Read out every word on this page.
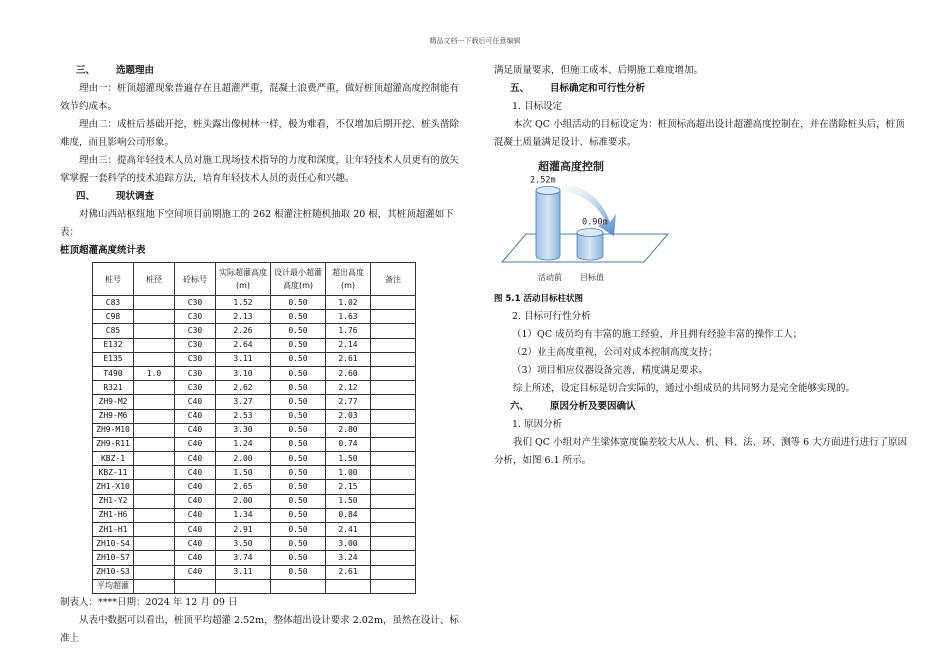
精品文档---下载后可任意编辑

三、 选题理由

理由一：桩顶超灌现象普遍存在且超灌严重，混凝土浪费严重，做好桩顶超灌高度控制能有效节约成本。

理由二：成桩后基础开挖，桩头露出像树林一样，极为难看，不仅增加后期开挖、桩头凿除难度，而且影响公司形象。

理由三：提高年轻技术人员对施工现场技术指导的力度和深度，让年轻技术人员更有的放矢掌掌握一套科学的技术追踪方法，培育年轻技术人员的责任心和兴趣。

四、 现状调查

对佛山西站枢纽地下空间项目前期施工的 262 根灌注桩随机抽取 20 根，其桩顶超灌如下表：

桩顶超灌高度统计表

桩号	桩径	砼标号	实际超灌高度(m)	设计最小超灌高度(m)	超出高度(m)	备注
C83		C30	1.52	0.50	1.02	
C98		C30	2.13	0.50	1.63	
C85		C30	2.26	0.50	1.76	
E132		C30	2.64	0.50	2.14	
E135		C30	3.11	0.50	2.61	
T490	1.0	C30	3.10	0.50	2.60	
R321		C30	2.62	0.50	2.12	
ZH9-M2		C40	3.27	0.50	2.77	
ZH9-M6		C40	2.53	0.50	2.03	
ZH9-M10		C40	3.30	0.50	2.80	
ZH9-R11		C40	1.24	0.50	0.74	
KBZ-1		C40	2.00	0.50	1.50	
KBZ-11		C40	1.50	0.50	1.00	
ZH1-X10		C40	2.65	0.50	2.15	
ZH1-Y2		C40	2.00	0.50	1.50	
ZH1-H6		C40	1.34	0.50	0.84	
ZH1-H1		C40	2.91	0.50	2.41	
ZH10-S4		C40	3.50	0.50	3.00	
ZH10-S7		C40	3.74	0.50	3.24	
ZH10-S3		C40	3.11	0.50	2.61	
平均超灌						

制表人：****日期：2024 年 12 月 09 日

从表中数据可以看出，桩顶平均超灌 2.52m，整体超出设计要求 2.02m，虽然在设计、标准上

满足质量要求，但施工成本、后期施工难度增加。

五、 目标确定和可行性分析

1. 目标设定

本次 QC 小组活动的目标设定为：桩顶标高超出设计超灌高度控制在，并在凿除桩头后，桩顶混凝土质量满足设计、标准要求。

超灌高度控制
2.52m
0.90m
活动前 目标值

图 5.1 活动目标柱状图

2. 目标可行性分析

（1）QC 成员均有丰富的施工经验，并且拥有经验丰富的操作工人；

（2）业主高度重视，公司对成本控制高度支持；

（3）项目相应仪器设备完善，精度满足要求。

综上所述，设定目标是切合实际的，通过小组成员的共同努力是完全能够实现的。

六、 原因分析及要因确认

1. 原因分析

我们 QC 小组对产生梁体宽度偏差较大从人、机、料、法、环、测等 6 大方面进行进行了原因分析，如图 6.1 所示。
